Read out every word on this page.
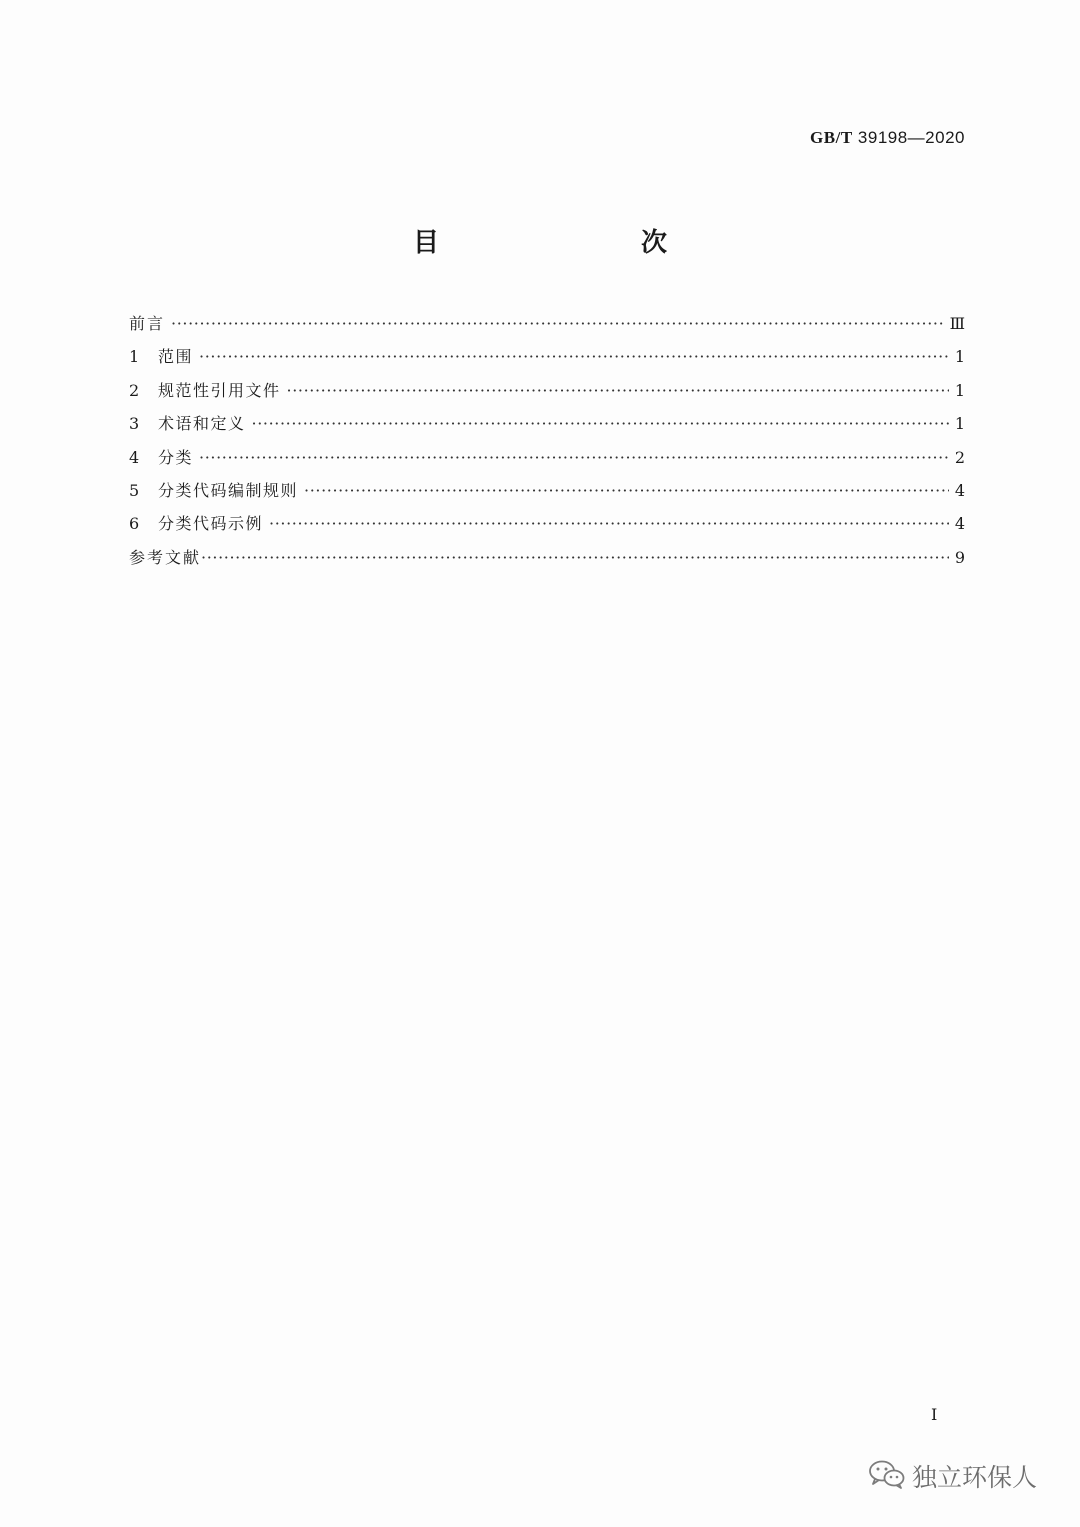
GB/T 39198—2020
目　　次
前言 ·····	Ⅲ
1	范围 ·····	1
2	规范性引用文件 ·····	1
3	术语和定义 ·····	1
4	分类 ·····	2
5	分类代码编制规则 ·····	4
6	分类代码示例 ·····	4
参考文献 ·····	9
I
独立环保人
